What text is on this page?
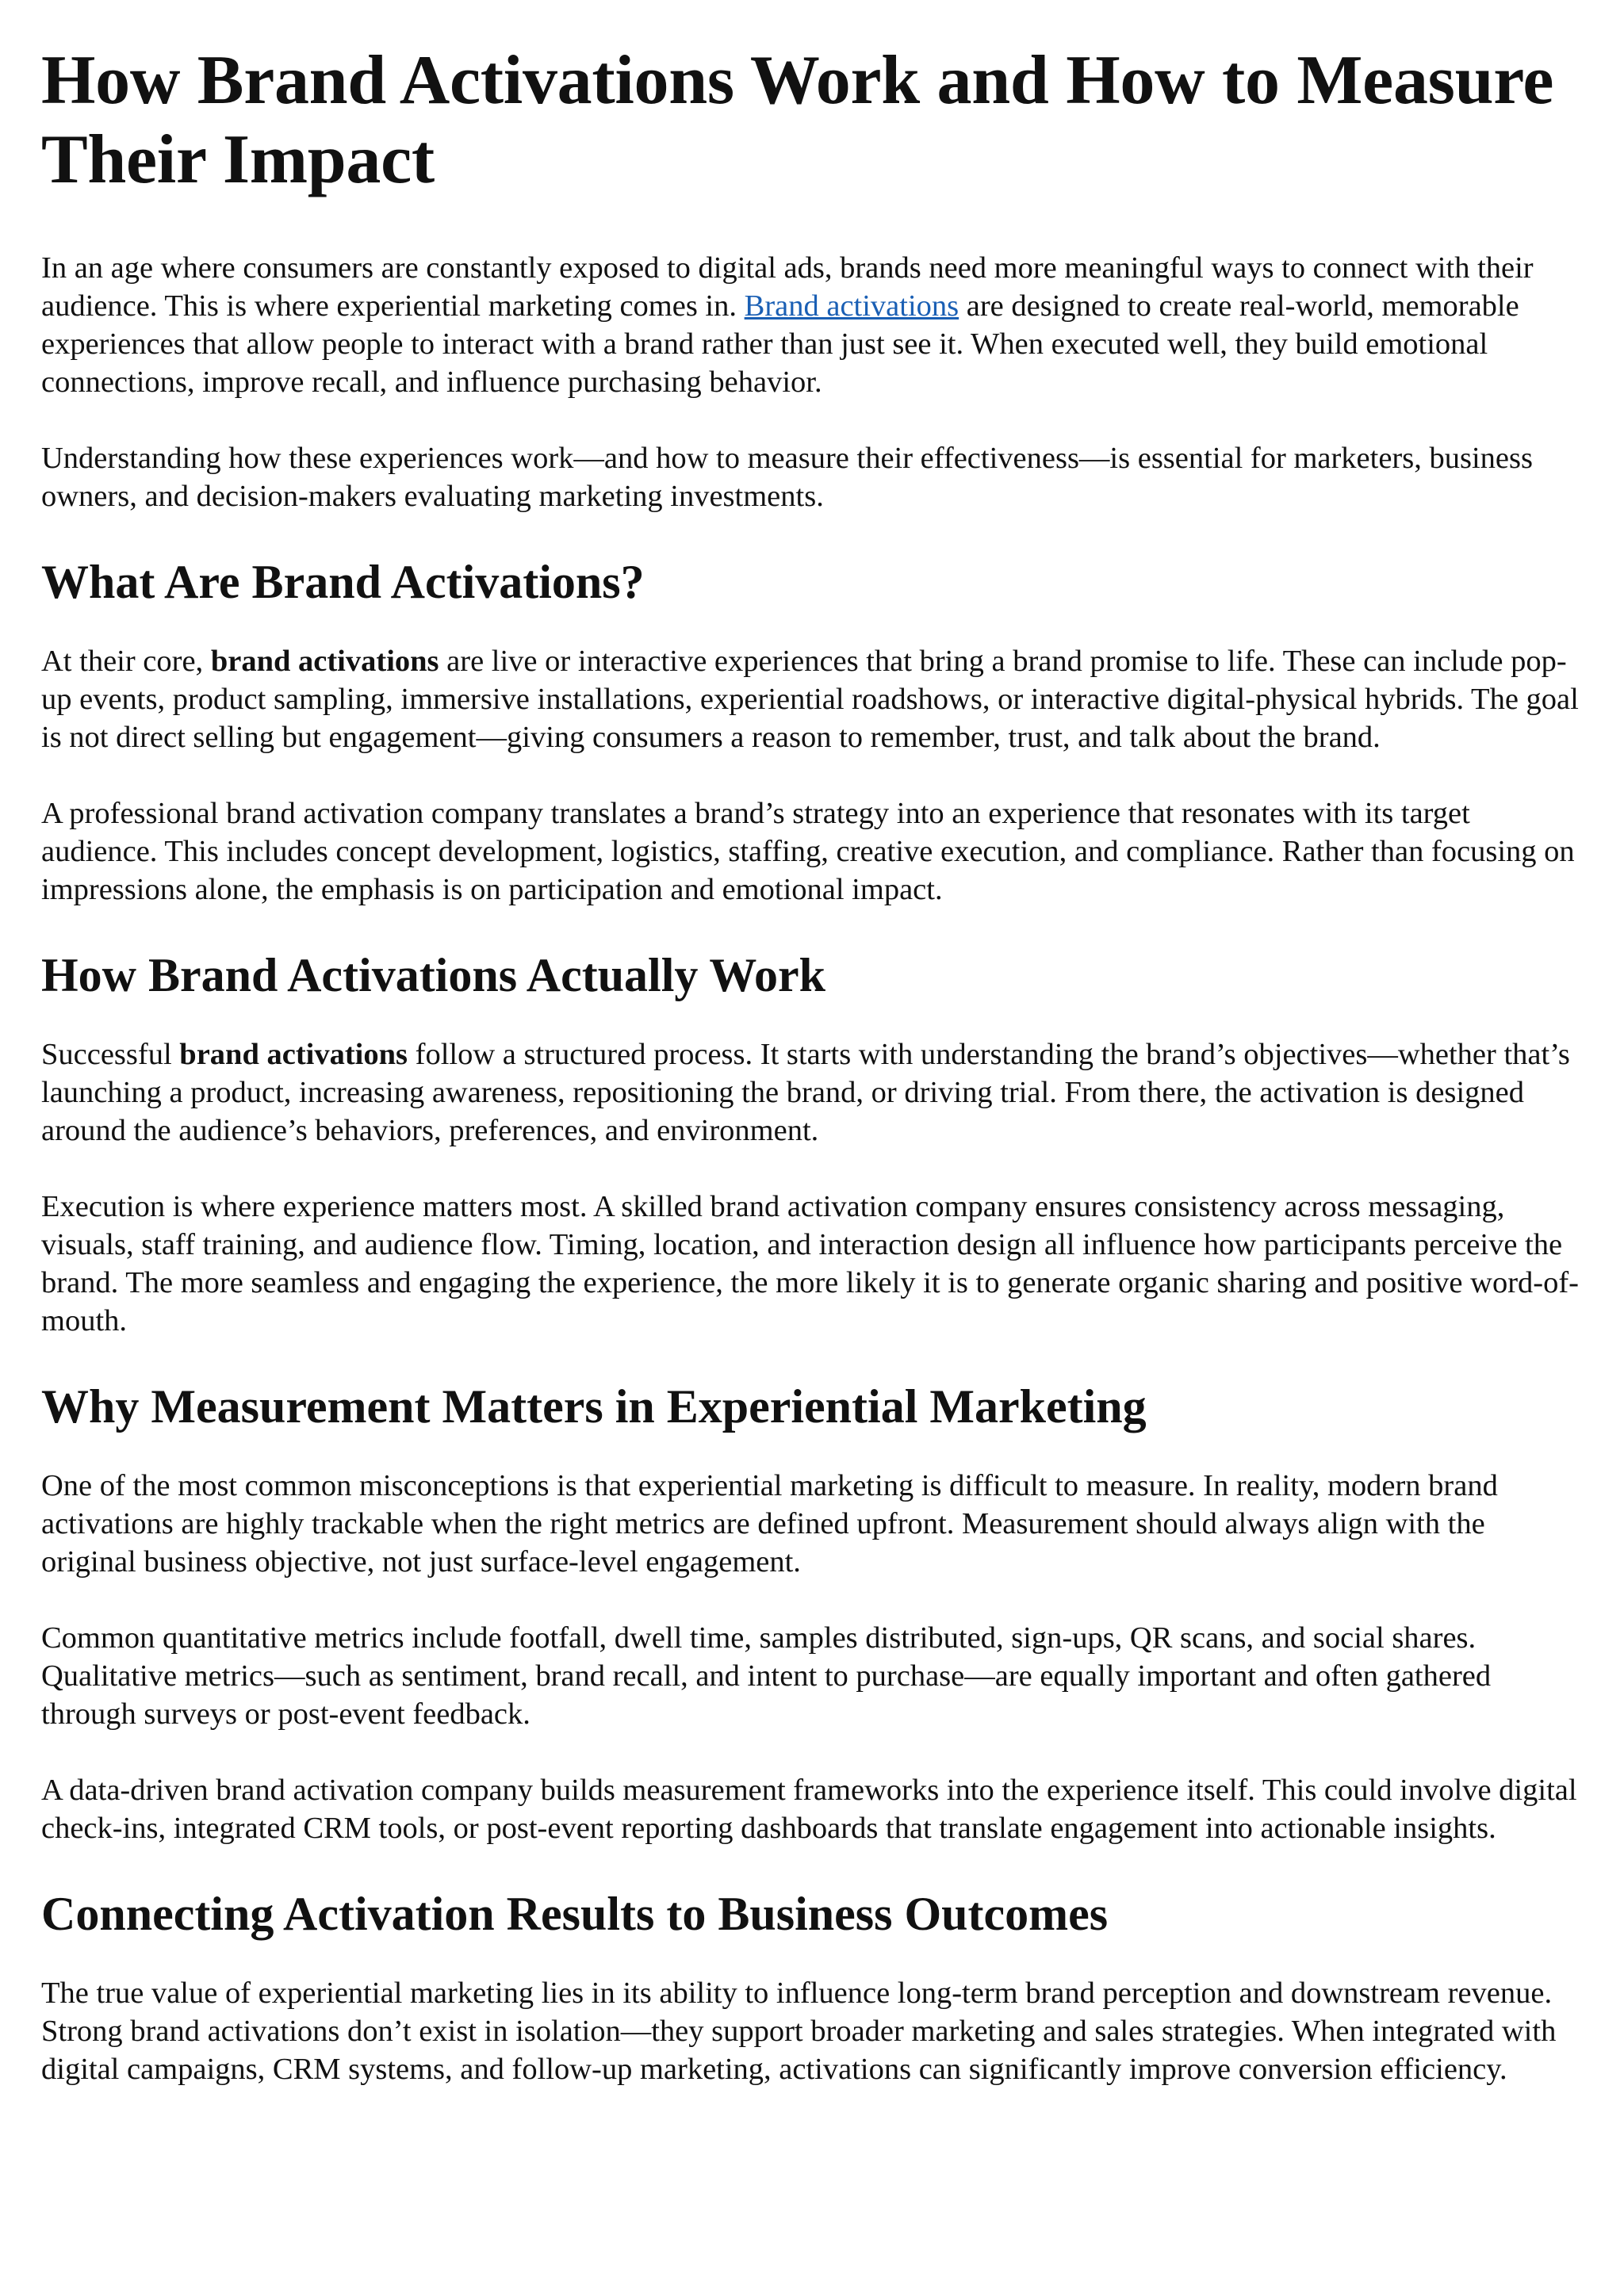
How Brand Activations Work and How to Measure Their Impact

In an age where consumers are constantly exposed to digital ads, brands need more meaningful ways to connect with their audience. This is where experiential marketing comes in. Brand activations are designed to create real-world, memorable experiences that allow people to interact with a brand rather than just see it. When executed well, they build emotional connections, improve recall, and influence purchasing behavior.

Understanding how these experiences work—and how to measure their effectiveness—is essential for marketers, business owners, and decision-makers evaluating marketing investments.

What Are Brand Activations?

At their core, brand activations are live or interactive experiences that bring a brand promise to life. These can include pop-up events, product sampling, immersive installations, experiential roadshows, or interactive digital-physical hybrids. The goal is not direct selling but engagement—giving consumers a reason to remember, trust, and talk about the brand.

A professional brand activation company translates a brand’s strategy into an experience that resonates with its target audience. This includes concept development, logistics, staffing, creative execution, and compliance. Rather than focusing on impressions alone, the emphasis is on participation and emotional impact.

How Brand Activations Actually Work

Successful brand activations follow a structured process. It starts with understanding the brand’s objectives—whether that’s launching a product, increasing awareness, repositioning the brand, or driving trial. From there, the activation is designed around the audience’s behaviors, preferences, and environment.

Execution is where experience matters most. A skilled brand activation company ensures consistency across messaging, visuals, staff training, and audience flow. Timing, location, and interaction design all influence how participants perceive the brand. The more seamless and engaging the experience, the more likely it is to generate organic sharing and positive word-of-mouth.

Why Measurement Matters in Experiential Marketing

One of the most common misconceptions is that experiential marketing is difficult to measure. In reality, modern brand activations are highly trackable when the right metrics are defined upfront. Measurement should always align with the original business objective, not just surface-level engagement.

Common quantitative metrics include footfall, dwell time, samples distributed, sign-ups, QR scans, and social shares. Qualitative metrics—such as sentiment, brand recall, and intent to purchase—are equally important and often gathered through surveys or post-event feedback.

A data-driven brand activation company builds measurement frameworks into the experience itself. This could involve digital check-ins, integrated CRM tools, or post-event reporting dashboards that translate engagement into actionable insights.

Connecting Activation Results to Business Outcomes

The true value of experiential marketing lies in its ability to influence long-term brand perception and downstream revenue. Strong brand activations don’t exist in isolation—they support broader marketing and sales strategies. When integrated with digital campaigns, CRM systems, and follow-up marketing, activations can significantly improve conversion efficiency.
